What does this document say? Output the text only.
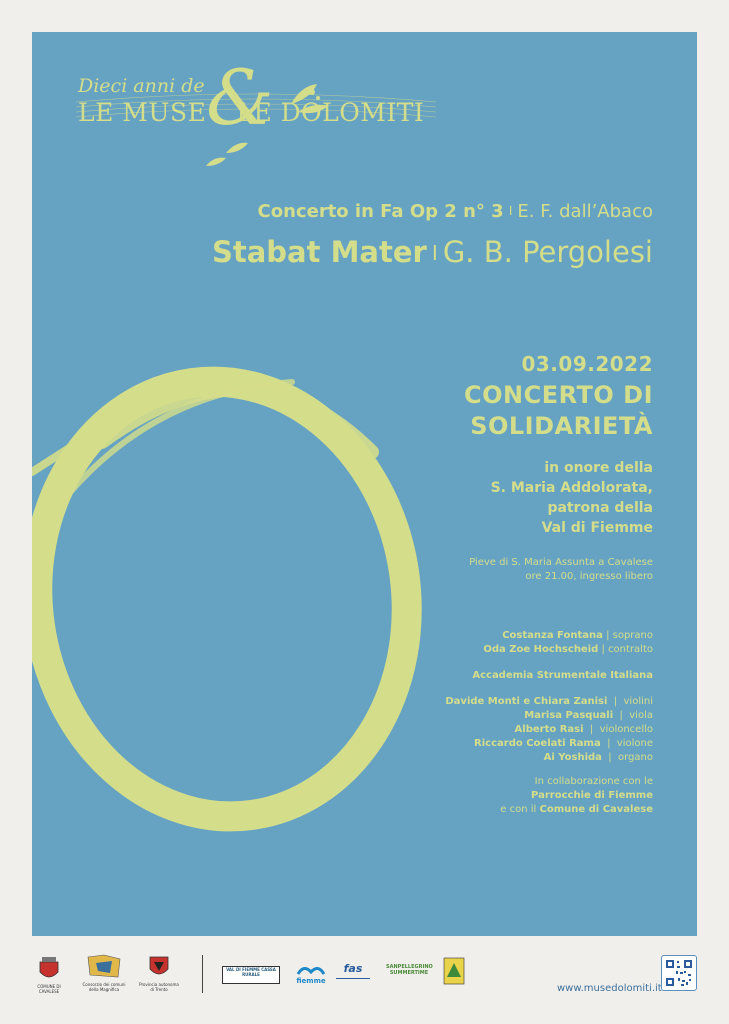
Dieci anni de &
LE MUSE LE DOLOMITI
Concerto in Fa Op 2 n° 3 I E. F. dall’Abaco
Stabat Mater I G. B. Pergolesi
03.09.2022
CONCERTO DI
SOLIDARIETÀ
in onore della
S. Maria Addolorata,
patrona della
Val di Fiemme
Pieve di S. Maria Assunta a Cavalese
ore 21.00, ingresso libero
Costanza Fontana | soprano
Oda Zoe Hochscheid | contralto
Accademia Strumentale Italiana
Davide Monti e Chiara Zanisi | violini
Marisa Pasquali | viola
Alberto Rasi | violoncello
Riccardo Coelati Rama | violone
Ai Yoshida | organo
In collaborazione con le
Parrocchie di Fiemme
e con il Comune di Cavalese
COMUNE DI CAVALESE
Consorzio dei comuni della Magnifica
Provincia autonoma di Trento
VAL DI FIEMME CASSA RURALE
fiemme
fas	SANPELLEGRINO SUMMERTIME
www.musedolomiti.it
